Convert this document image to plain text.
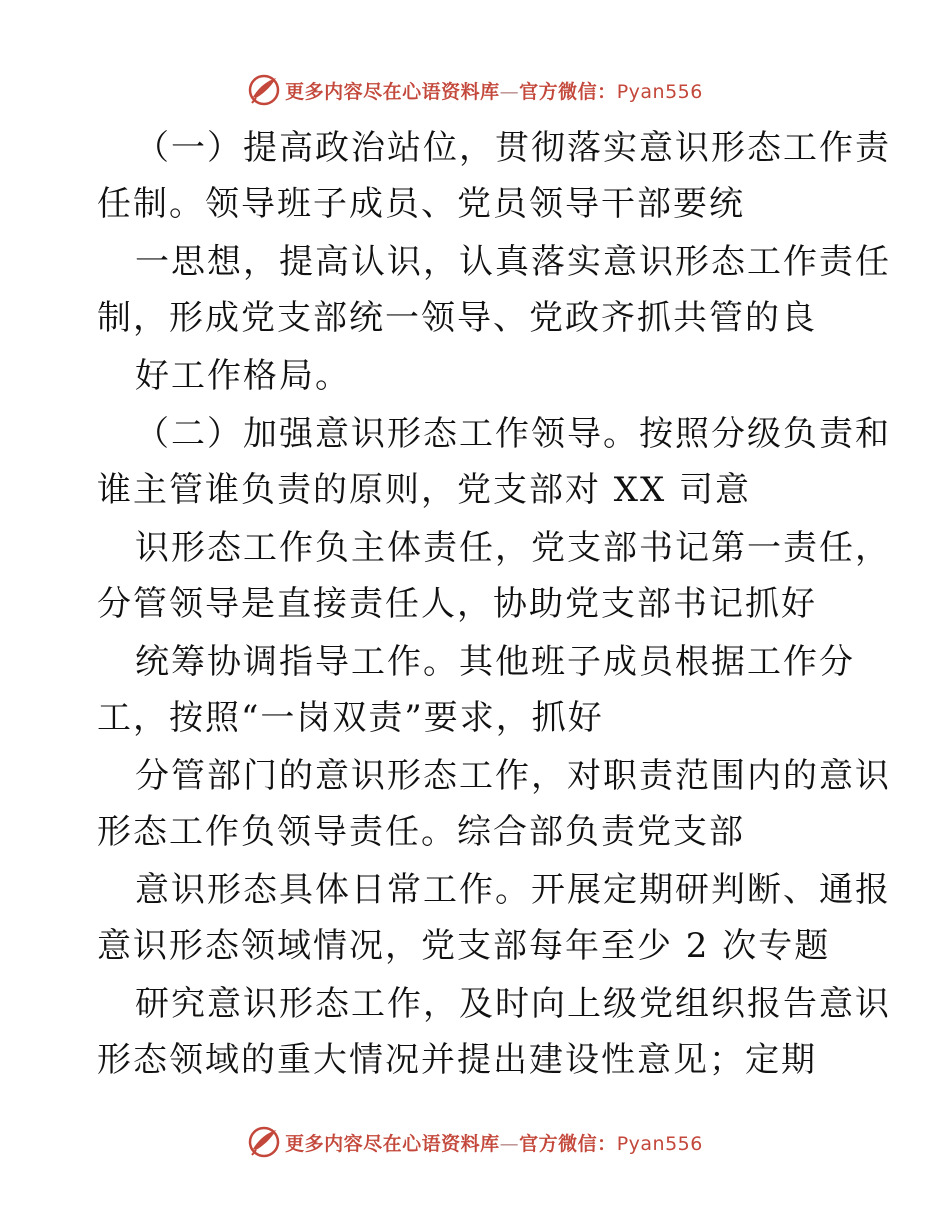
更多内容尽在心语资料库—官方微信：Pyan556
（一）提高政治站位，贯彻落实意识形态工作责
任制。领导班子成员、党员领导干部要统
一思想，提高认识，认真落实意识形态工作责任
制，形成党支部统一领导、党政齐抓共管的良
好工作格局。
（二）加强意识形态工作领导。按照分级负责和
谁主管谁负责的原则，党支部对 XX 司意
识形态工作负主体责任，党支部书记第一责任，
分管领导是直接责任人，协助党支部书记抓好
统筹协调指导工作。其他班子成员根据工作分
工，按照“一岗双责”要求，抓好
分管部门的意识形态工作，对职责范围内的意识
形态工作负领导责任。综合部负责党支部
意识形态具体日常工作。开展定期研判断、通报
意识形态领域情况，党支部每年至少 2 次专题
研究意识形态工作，及时向上级党组织报告意识
形态领域的重大情况并提出建设性意见；定期
更多内容尽在心语资料库—官方微信：Pyan556
